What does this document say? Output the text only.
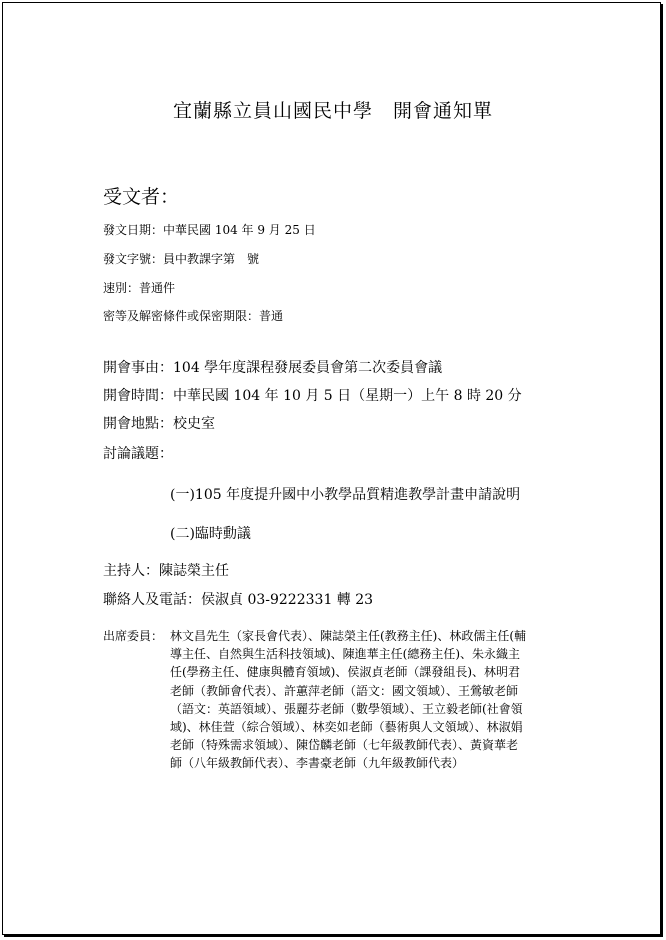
宜蘭縣立員山國民中學　開會通知單
受文者：
發文日期：中華民國 104 年 9 月 25 日
發文字號：員中教課字第　號
速別：普通件
密等及解密條件或保密期限：普通
開會事由：104 學年度課程發展委員會第二次委員會議
開會時間：中華民國 104 年 10 月 5 日（星期一）上午 8 時 20 分
開會地點：校史室
討論議題：
(一)105 年度提升國中小教學品質精進教學計畫申請說明
(二)臨時動議
主持人：陳誌榮主任
聯絡人及電話：侯淑貞 03-9222331 轉 23
出席委員： 林文昌先生（家長會代表）、陳誌榮主任(教務主任)、林政儒主任(輔
導主任、自然與生活科技領域)、陳進華主任(總務主任)、朱永織主
任(學務主任、健康與體育領域)、侯淑貞老師（課發組長)、林明君
老師（教師會代表）、許蕙萍老師（語文：國文領域）、王鶯敏老師
（語文：英語領域）、張麗芬老師（數學領域）、王立毅老師(社會領
域)、林佳萱（綜合領域）、林奕如老師（藝術與人文領域）、林淑娟
老師（特殊需求領域）、陳岱麟老師（七年級教師代表）、黃資華老
師（八年級教師代表）、李書豪老師（九年級教師代表）
